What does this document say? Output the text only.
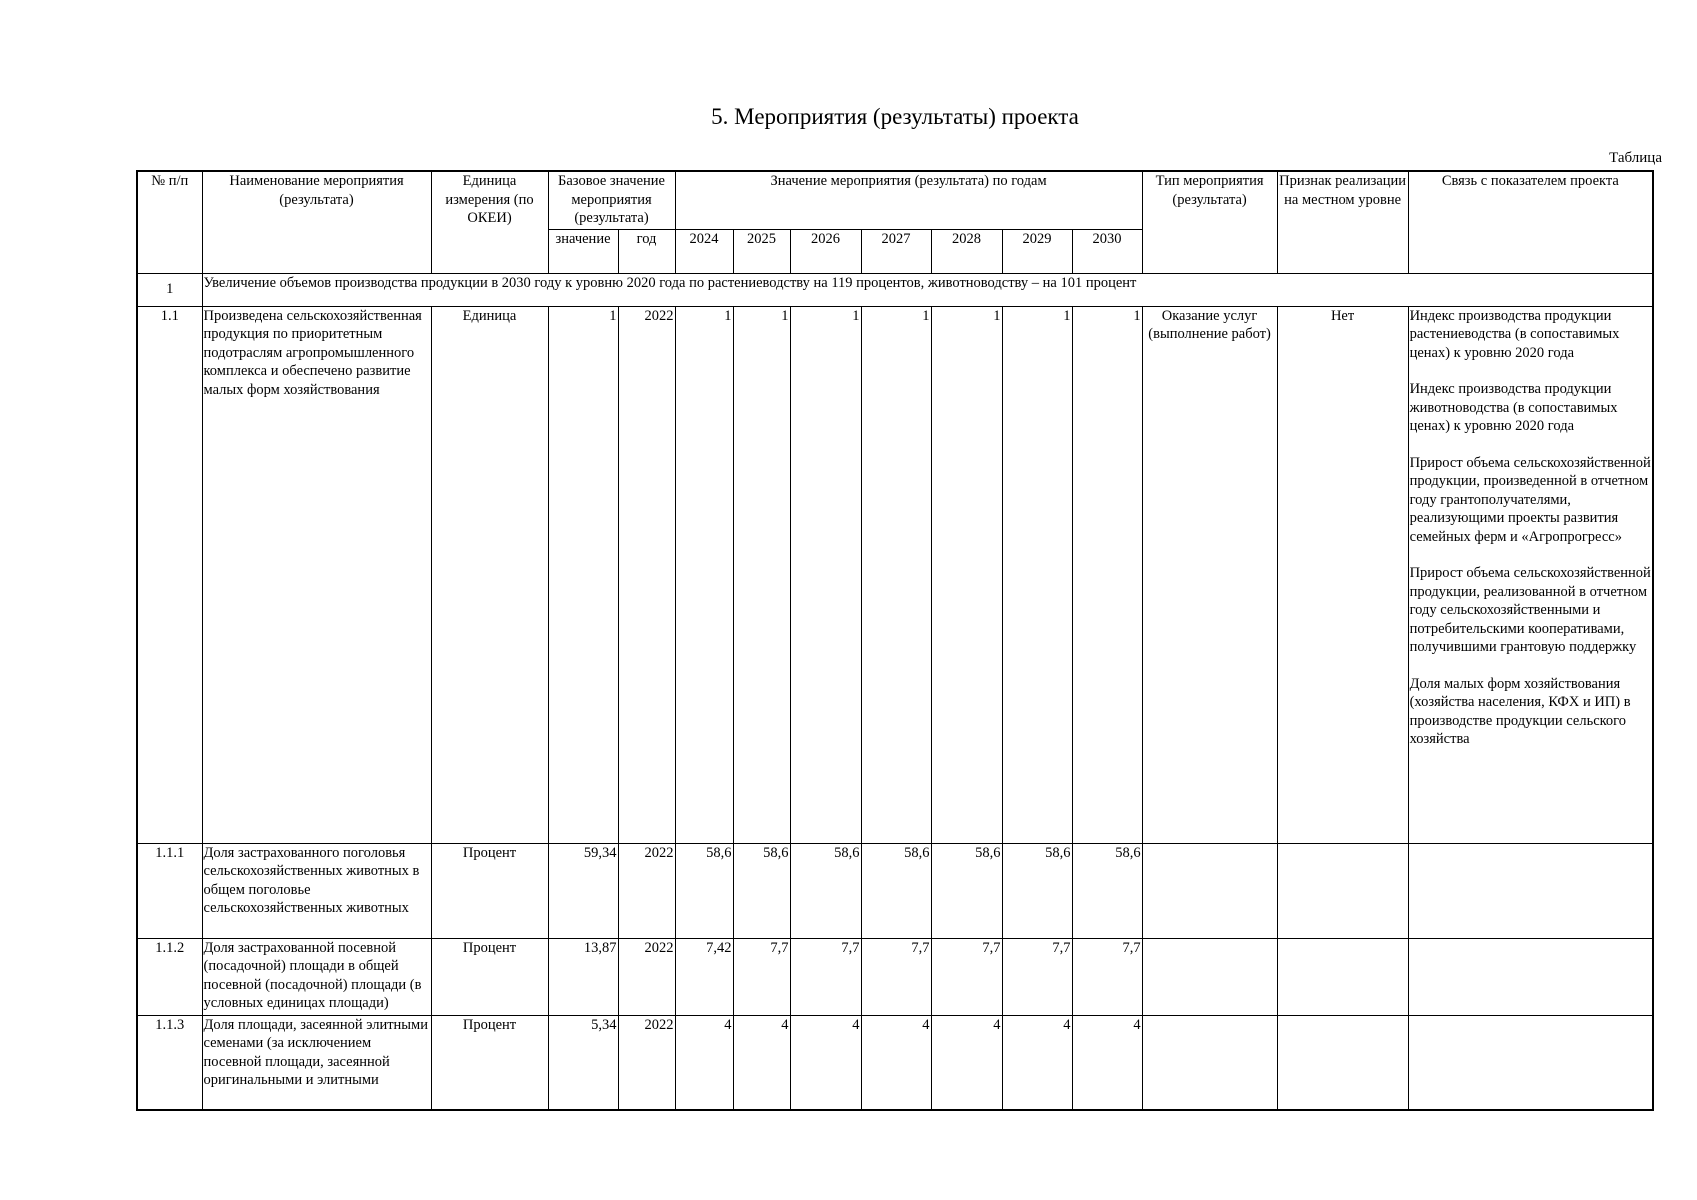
5. Мероприятия (результаты) проекта
Таблица
№ п/п	Наименование мероприятия (результата)	Единица измерения (по ОКЕИ)	Базовое значение мероприятия (результата)		Значение мероприятия (результата) по годам							Тип мероприятия (результата)	Признак реализации на местном уровне	Связь с показателем проекта
			значение	год	2024	2025	2026	2027	2028	2029	2030			
1	Увеличение объемов производства продукции в 2030 году к уровню 2020 года по растениеводству на 119 процентов, животноводству – на 101 процент													
1.1	Произведена сельскохозяйственная продукция по приоритетным подотраслям агропромышленного комплекса и обеспечено развитие малых форм хозяйствования	Единица	1	2022	1	1	1	1	1	1	1	Оказание услуг (выполнение работ)	Нет	Индекс производства продукции растениеводства (в сопоставимых ценах) к уровню 2020 года
Индекс производства продукции животноводства (в сопоставимых ценах) к уровню 2020 года
Прирост объема сельскохозяйственной продукции, произведенной в отчетном году грантополучателями, реализующими проекты развития семейных ферм и «Агропрогресс»
Прирост объема сельскохозяйственной продукции, реализованной в отчетном году сельскохозяйственными и потребительскими кооперативами, получившими грантовую поддержку
Доля малых форм хозяйствования (хозяйства населения, КФХ и ИП) в производстве продукции сельского хозяйства

1.1.1	Доля застрахованного поголовья сельскохозяйственных животных в общем поголовье сельскохозяйственных животных	Процент	59,34	2022	58,6	58,6	58,6	58,6	58,6	58,6	58,6			
1.1.2	Доля застрахованной посевной (посадочной) площади в общей посевной (посадочной) площади (в условных единицах площади)	Процент	13,87	2022	7,42	7,7	7,7	7,7	7,7	7,7	7,7			
1.1.3	Доля площади, засеянной элитными семенами (за исключением посевной площади, засеянной оригинальными и элитными	Процент	5,34	2022	4	4	4	4	4	4	4			
